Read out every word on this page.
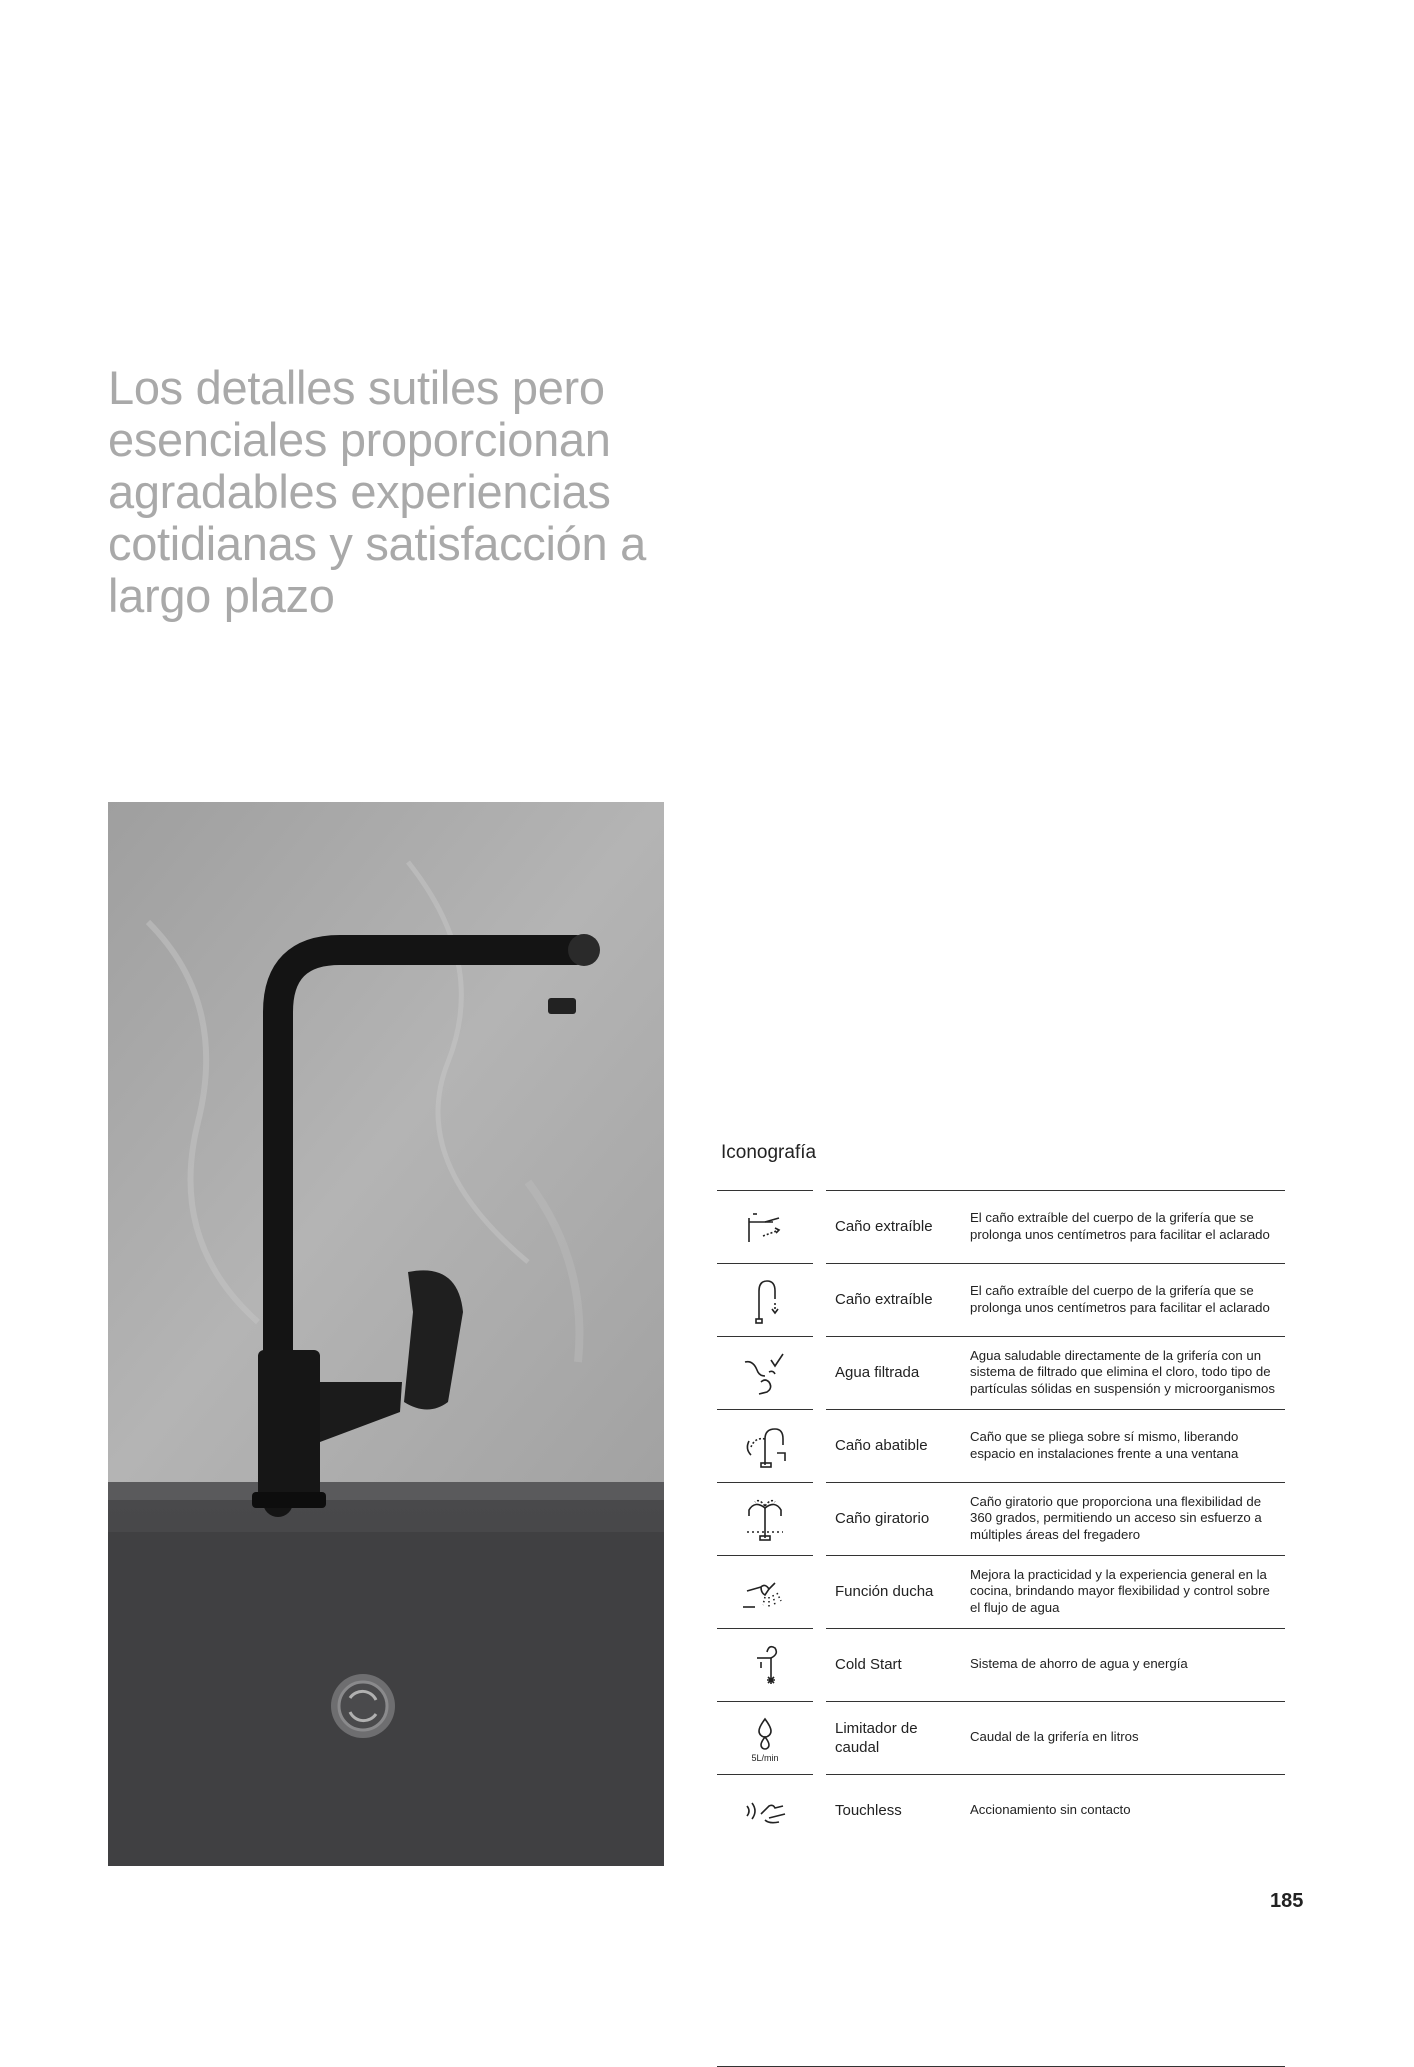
Los detalles sutiles pero esenciales proporcionan agradables experiencias cotidianas y satisfacción a largo plazo
Iconografía
Caño extraíble
El caño extraíble del cuerpo de la grifería que se prolonga unos centímetros para facilitar el aclarado
Caño extraíble
El caño extraíble del cuerpo de la grifería que se prolonga unos centímetros para facilitar el aclarado
Agua filtrada
Agua saludable directamente de la grifería con un sistema de filtrado que elimina el cloro, todo tipo de partículas sólidas en suspensión y microorganismos
Caño abatible
Caño que se pliega sobre sí mismo, liberando espacio en instalaciones frente a una ventana
Caño giratorio
Caño giratorio que proporciona una flexibilidad de 360 grados, permitiendo un acceso sin esfuerzo a múltiples áreas del fregadero
Función ducha
Mejora la practicidad y la experiencia general en la cocina, brindando mayor flexibilidad y control sobre el flujo de agua
Cold Start	Sistema de ahorro de agua y energía
5L/min
Limitador de caudal
Caudal de la grifería en litros
Touchless	Accionamiento sin contacto
185
